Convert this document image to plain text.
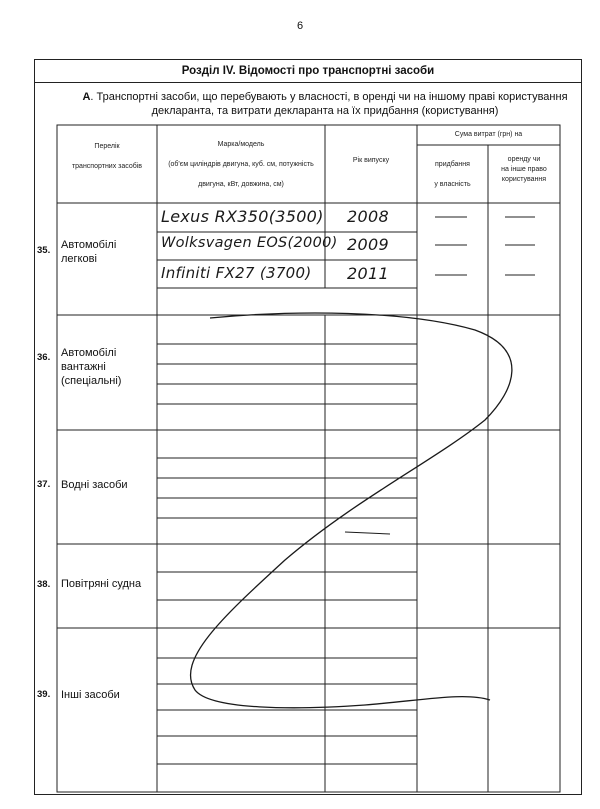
6
Розділ IV. Відомості про транспортні засоби
А. Транспортні засоби, що перебувають у власності, в оренді чи на іншому праві користування
декларанта, та витрати декларанта на їх придбання (користування)
Перелік

транспортних засобів
Марка/модель

(об'єм циліндрів двигуна, куб. см, потужність

двигуна, кВт, довжина, см)
Рік випуску
Сума витрат (грн) на
придбання

у власність
оренду чи
на інше право
користування
35. Автомобілі
легкові
36. Автомобілі
вантажні
(спеціальні)
37. Водні засоби
38. Повітряні судна
39. Інші засоби
Lexus RX350(3500) 2008
Wolksvagen EOS(2000) 2009
Infiniti FX27 (3700) 2011
